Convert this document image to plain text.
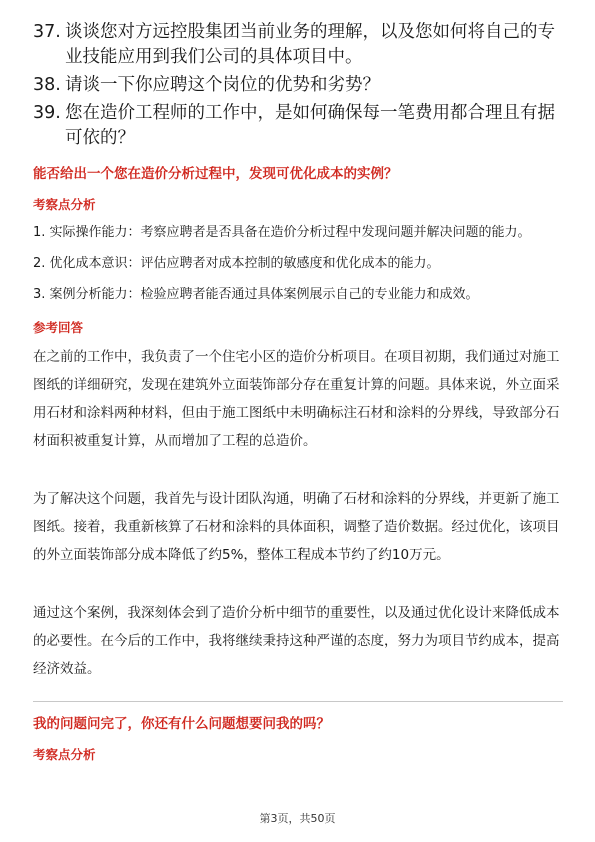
37. 谈谈您对方远控股集团当前业务的理解，以及您如何将自己的专业技能应用到我们公司的具体项目中。
38. 请谈一下你应聘这个岗位的优势和劣势？
39. 您在造价工程师的工作中，是如何确保每一笔费用都合理且有据可依的？

能否给出一个您在造价分析过程中，发现可优化成本的实例？

考察点分析

1. 实际操作能力：考察应聘者是否具备在造价分析过程中发现问题并解决问题的能力。

2. 优化成本意识：评估应聘者对成本控制的敏感度和优化成本的能力。

3. 案例分析能力：检验应聘者能否通过具体案例展示自己的专业能力和成效。

参考回答

在之前的工作中，我负责了一个住宅小区的造价分析项目。在项目初期，我们通过对施工图纸的详细研究，发现在建筑外立面装饰部分存在重复计算的问题。具体来说，外立面采用石材和涂料两种材料，但由于施工图纸中未明确标注石材和涂料的分界线，导致部分石材面积被重复计算，从而增加了工程的总造价。

为了解决这个问题，我首先与设计团队沟通，明确了石材和涂料的分界线，并更新了施工图纸。接着，我重新核算了石材和涂料的具体面积，调整了造价数据。经过优化，该项目的外立面装饰部分成本降低了约5%，整体工程成本节约了约10万元。

通过这个案例，我深刻体会到了造价分析中细节的重要性，以及通过优化设计来降低成本的必要性。在今后的工作中，我将继续秉持这种严谨的态度，努力为项目节约成本，提高经济效益。

我的问题问完了，你还有什么问题想要问我的吗？

考察点分析

第3页，共50页
